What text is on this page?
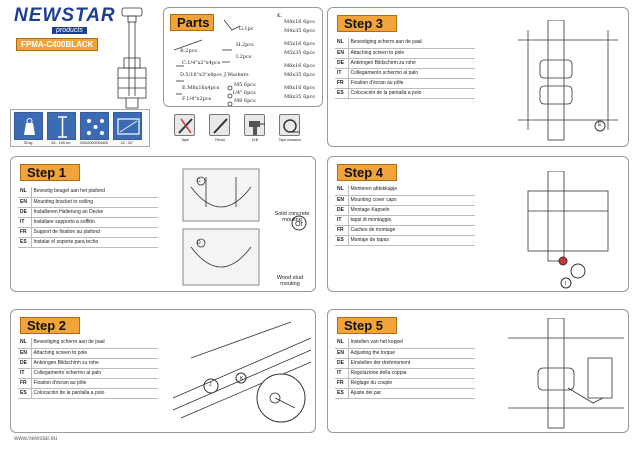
NEWSTAR
products
FPMA-C400BLACK
35 kg	64 - 105 cm	200x200/200x400	22 - 32"
Parts
B.2pcs
C.1/4"x2"x4pcs
D.5/16"x3"x4pcs
E.M8x16x4pcs
F.1/4"x2pcs
G.1pc
H.2pcs
I.2pcs
J.Washers
M5 6pcs
1/4" 6pcs
M8 6pcs
K.
M4x16 6pcs
M4x35 6pcs
M5x16 6pcs
M5x35 6pcs
M6x16 6pcs
M6x35 6pcs
M8x16 6pcs
M8x35 6pcs
Tape	Pencil	Drill	Tape measure
Step 1
NL	Bevestig beugel aan het plafond
EN	Mounting bracket to ceiling
DE	Installieren Halterung an Decke
IT	Installare supporto a soffitto
FR	Support de fixation au plafond
ES	Instalar el soporte para techo
C
D
Solid concrete mouting
Or
Wood stud mouting
Step 2
NL	Bevestiging scherm aan de paal
EN	Attaching screen to pole
DE	Anbringen Bildschirm zu rohe
IT	Collegamento schermo al palo
FR	Fixation d'écran au pôle
ES	Colocación de la pantalla a polo
J
K
Step 3
NL	Bevestiging scherm aan de paal
EN	Attaching screen to pole
DE	Anbringen Bildschirm zu rohe
IT	Collegamento schermo al palo
FR	Fixation d'écran au pôle
ES	Colocación de la pantalla a polo
E
Step 4
NL	Monteren afdekkapje
EN	Mounting cover caps
DE	Montage Kapseln
IT	tappi di montaggio
FR	Caches de montage
ES	Montaje de tapas
I
Step 5
NL	Instellen van het koppel
EN	Adjusting the torque
DE	Einstellen der drehmoment
IT	Regolazione della coppia
FR	Réglage du couple
ES	Ajuste del par
www.newstar.eu
